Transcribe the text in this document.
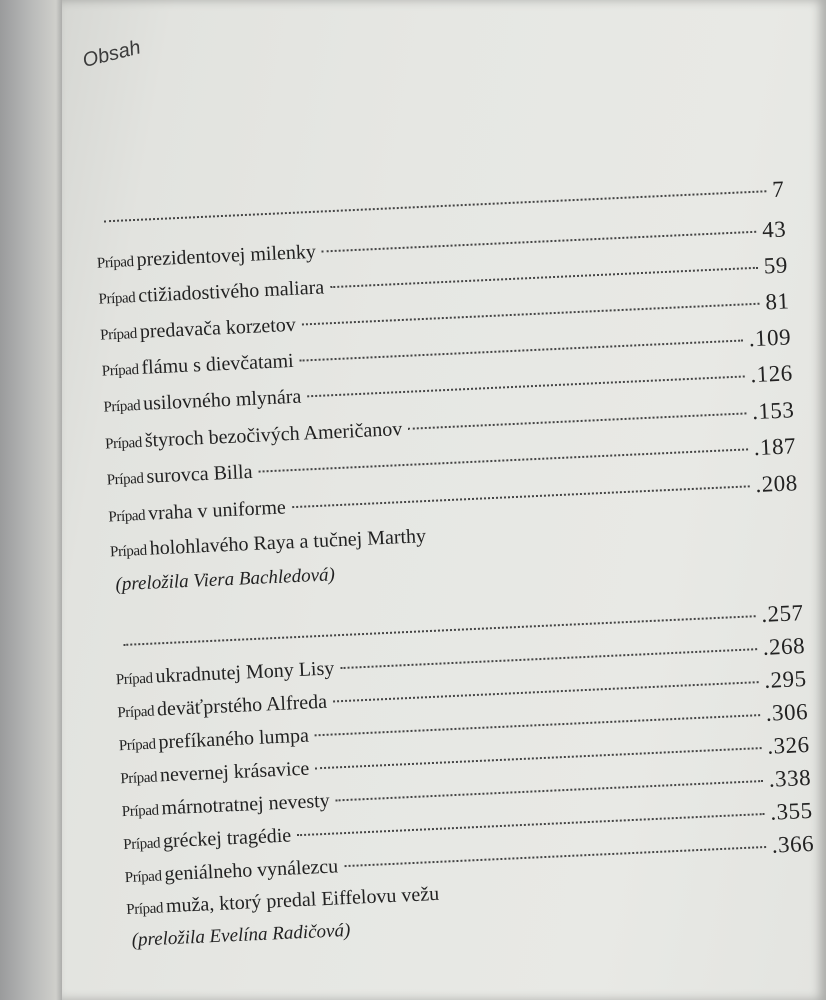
Obsah
7
Prípad prezidentovej milenky
43
Prípad ctižiadostivého maliara
59
Prípad predavača korzetov
81
Prípad flámu s dievčatami
.109
Prípad usilovného mlynára
.126
Prípad štyroch bezočivých Američanov
.153
Prípad surovca Billa
.187
Prípad vraha v uniforme
.208
Prípad holohlavého Raya a tučnej Marthy
(preložila Viera Bachledová)
.257
Prípad ukradnutej Mony Lisy
.268
Prípad deväťprstého Alfreda
.295
Prípad prefíkaného lumpa
.306
Prípad nevernej krásavice
.326
Prípad márnotratnej nevesty
.338
Prípad gréckej tragédie
.355
Prípad geniálneho vynálezcu
.366
Prípad muža, ktorý predal Eiffelovu vežu
(preložila Evelína Radičová)
